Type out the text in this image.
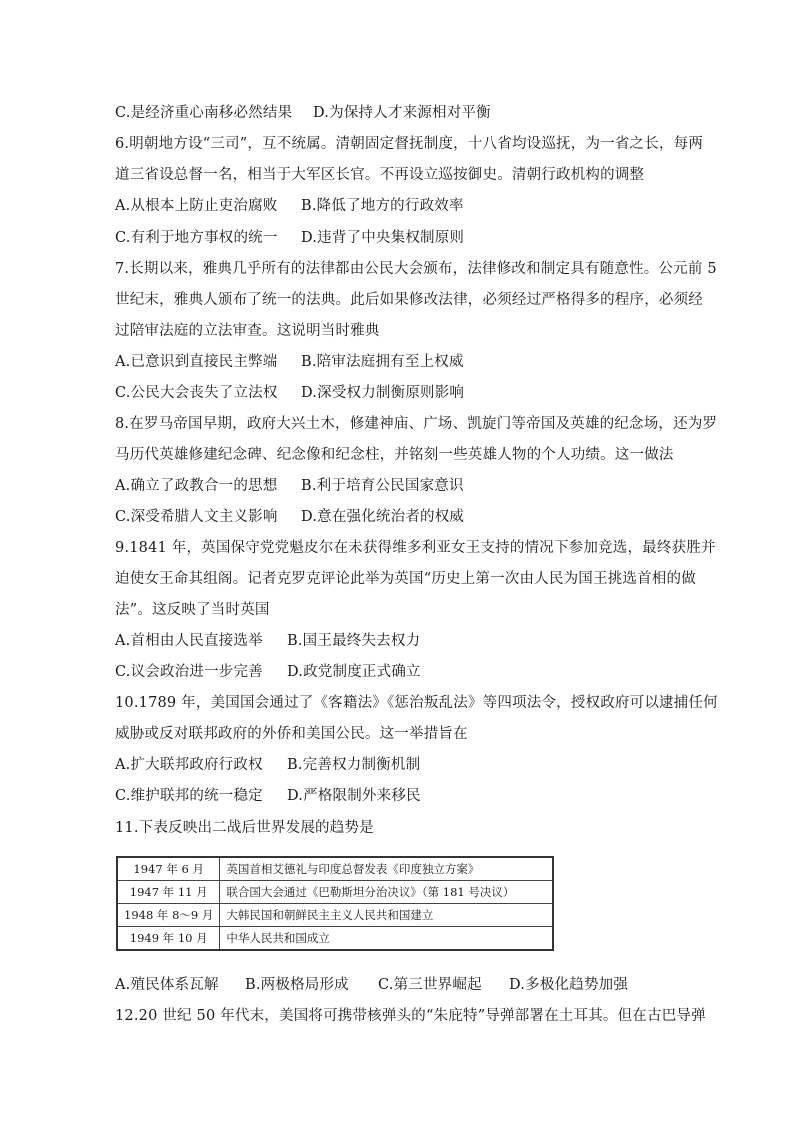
C.是经济重心南移必然结果	D.为保持人才来源相对平衡
6.明朝地方设“三司”，互不统属。清朝固定督抚制度，十八省均设巡抚，为一省之长，每两
道三省设总督一名，相当于大军区长官。不再设立巡按御史。清朝行政机构的调整
A.从根本上防止吏治腐败	B.降低了地方的行政效率
C.有利于地方事权的统一	D.违背了中央集权制原则
7.长期以来，雅典几乎所有的法律都由公民大会颁布，法律修改和制定具有随意性。公元前 5
世纪末，雅典人颁布了统一的法典。此后如果修改法律，必须经过严格得多的程序，必须经
过陪审法庭的立法审查。这说明当时雅典
A.已意识到直接民主弊端	B.陪审法庭拥有至上权威
C.公民大会丧失了立法权	D.深受权力制衡原则影响
8.在罗马帝国早期，政府大兴土木，修建神庙、广场、凯旋门等帝国及英雄的纪念场，还为罗
马历代英雄修建纪念碑、纪念像和纪念柱，并铭刻一些英雄人物的个人功绩。这一做法
A.确立了政教合一的思想	B.利于培育公民国家意识
C.深受希腊人文主义影响	D.意在强化统治者的权威
9.1841 年，英国保守党党魁皮尔在未获得维多利亚女王支持的情况下参加竞选，最终获胜并
迫使女王命其组阁。记者克罗克评论此举为英国“历史上第一次由人民为国王挑选首相的做
法”。这反映了当时英国
A.首相由人民直接选举	B.国王最终失去权力
C.议会政治进一步完善	D.政党制度正式确立
10.1789 年，美国国会通过了《客籍法》《惩治叛乱法》等四项法令，授权政府可以逮捕任何
威胁或反对联邦政府的外侨和美国公民。这一举措旨在
A.扩大联邦政府行政权	B.完善权力制衡机制
C.维护联邦的统一稳定	D.严格限制外来移民
11.下表反映出二战后世界发展的趋势是
A.殖民体系瓦解	B.两极格局形成	C.第三世界崛起	D.多极化趋势加强
12.20 世纪 50 年代末，美国将可携带核弹头的“朱庇特”导弹部署在土耳其。但在古巴导弹
1947 年 6 月	英国首相艾德礼与印度总督发表《印度独立方案》
1947 年 11 月	联合国大会通过《巴勒斯坦分治决议》（第 181 号决议）
1948 年 8～9 月	大韩民国和朝鲜民主主义人民共和国建立
1949 年 10 月	中华人民共和国成立
